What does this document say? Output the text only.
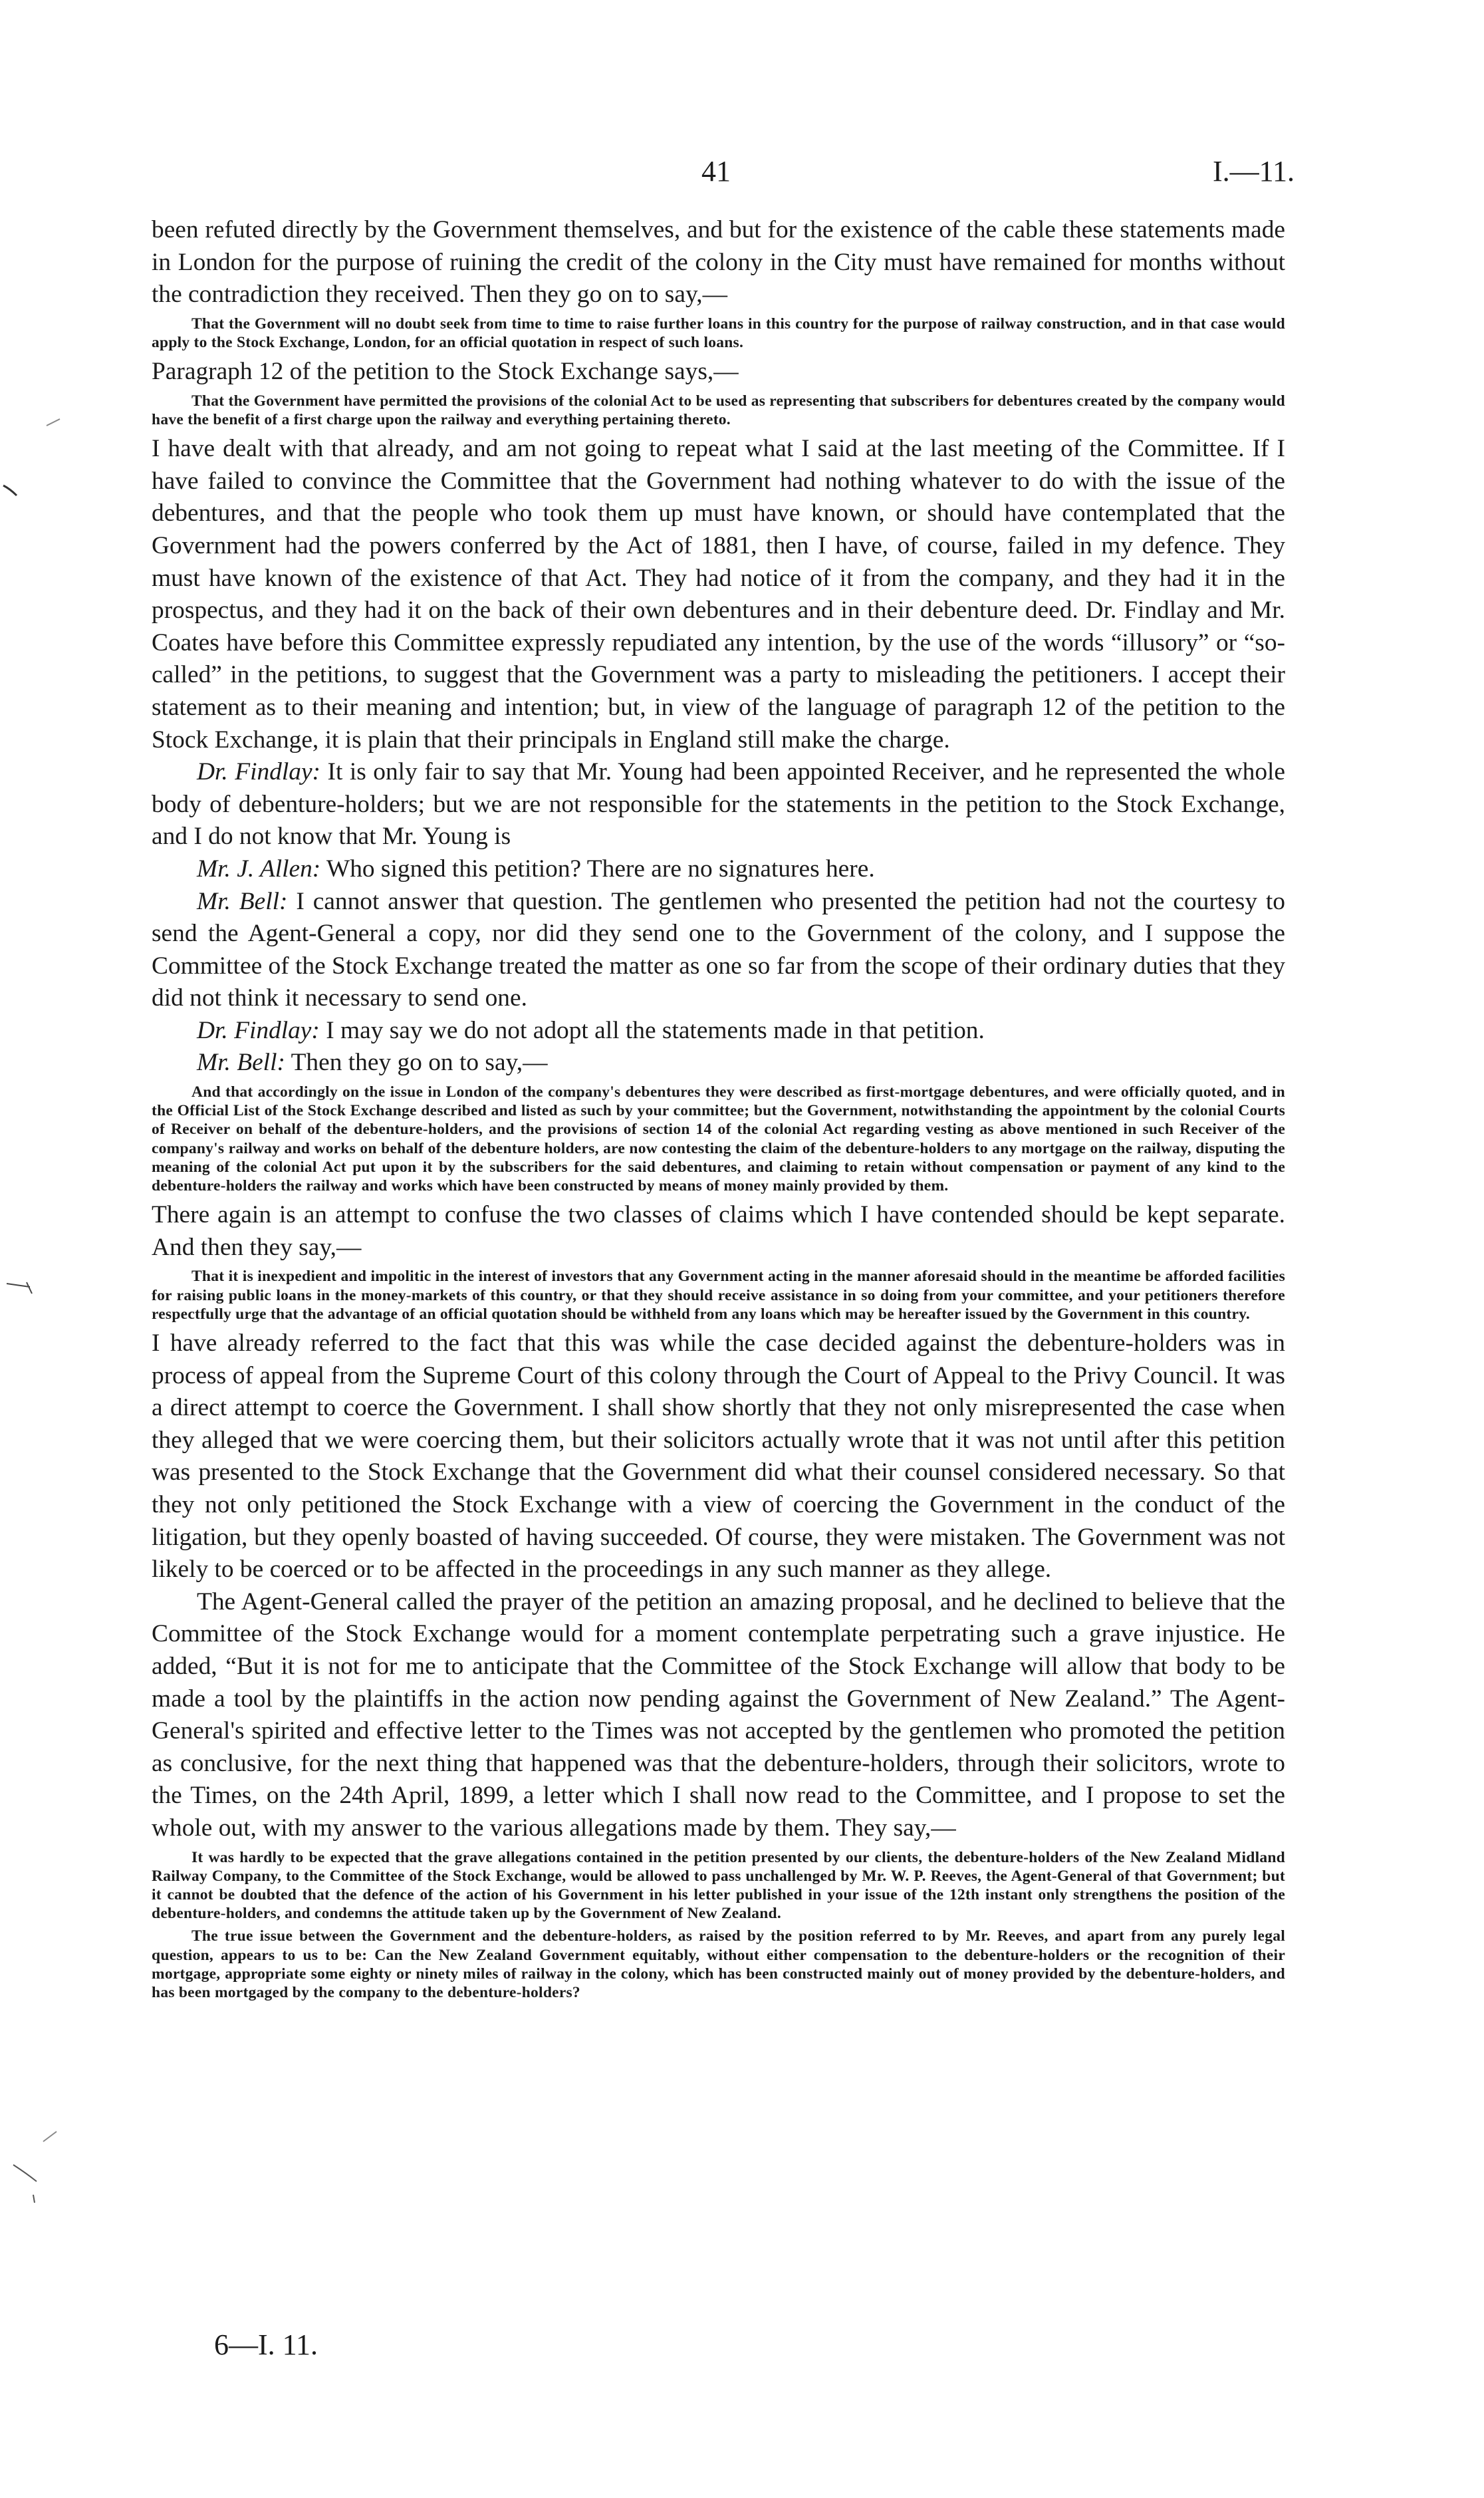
41	I.—11.

been refuted directly by the Government themselves, and but for the existence of the cable these statements made in London for the purpose of ruining the credit of the colony in the City must have remained for months without the contradiction they received. Then they go on to say,—

That the Government will no doubt seek from time to time to raise further loans in this country for the purpose of railway construction, and in that case would apply to the Stock Exchange, London, for an official quotation in respect of such loans.

Paragraph 12 of the petition to the Stock Exchange says,—

That the Government have permitted the provisions of the colonial Act to be used as representing that subscribers for debentures created by the company would have the benefit of a first charge upon the railway and everything pertaining thereto.

I have dealt with that already, and am not going to repeat what I said at the last meeting of the Committee. If I have failed to convince the Committee that the Government had nothing whatever to do with the issue of the debentures, and that the people who took them up must have known, or should have contemplated that the Government had the powers conferred by the Act of 1881, then I have, of course, failed in my defence. They must have known of the existence of that Act. They had notice of it from the company, and they had it in the prospectus, and they had it on the back of their own debentures and in their debenture deed. Dr. Findlay and Mr. Coates have before this Committee expressly repudiated any intention, by the use of the words “illusory” or “so-called” in the petitions, to suggest that the Government was a party to misleading the petitioners. I accept their statement as to their meaning and intention; but, in view of the language of paragraph 12 of the petition to the Stock Exchange, it is plain that their principals in England still make the charge.

Dr. Findlay: It is only fair to say that Mr. Young had been appointed Receiver, and he represented the whole body of debenture-holders; but we are not responsible for the statements in the petition to the Stock Exchange, and I do not know that Mr. Young is

Mr. J. Allen: Who signed this petition? There are no signatures here.

Mr. Bell: I cannot answer that question. The gentlemen who presented the petition had not the courtesy to send the Agent-General a copy, nor did they send one to the Government of the colony, and I suppose the Committee of the Stock Exchange treated the matter as one so far from the scope of their ordinary duties that they did not think it necessary to send one.

Dr. Findlay: I may say we do not adopt all the statements made in that petition.

Mr. Bell: Then they go on to say,—

And that accordingly on the issue in London of the company's debentures they were described as first-mortgage debentures, and were officially quoted, and in the Official List of the Stock Exchange described and listed as such by your committee; but the Government, notwithstanding the appointment by the colonial Courts of Receiver on behalf of the debenture-holders, and the provisions of section 14 of the colonial Act regarding vesting as above mentioned in such Receiver of the company's railway and works on behalf of the debenture holders, are now contesting the claim of the debenture-holders to any mortgage on the railway, disputing the meaning of the colonial Act put upon it by the subscribers for the said debentures, and claiming to retain without compensation or payment of any kind to the debenture-holders the railway and works which have been constructed by means of money mainly provided by them.

There again is an attempt to confuse the two classes of claims which I have contended should be kept separate. And then they say,—

That it is inexpedient and impolitic in the interest of investors that any Government acting in the manner aforesaid should in the meantime be afforded facilities for raising public loans in the money-markets of this country, or that they should receive assistance in so doing from your committee, and your petitioners therefore respectfully urge that the advantage of an official quotation should be withheld from any loans which may be hereafter issued by the Government in this country.

I have already referred to the fact that this was while the case decided against the debenture-holders was in process of appeal from the Supreme Court of this colony through the Court of Appeal to the Privy Council. It was a direct attempt to coerce the Government. I shall show shortly that they not only misrepresented the case when they alleged that we were coercing them, but their solicitors actually wrote that it was not until after this petition was presented to the Stock Exchange that the Government did what their counsel considered necessary. So that they not only petitioned the Stock Exchange with a view of coercing the Government in the conduct of the litigation, but they openly boasted of having succeeded. Of course, they were mistaken. The Government was not likely to be coerced or to be affected in the proceedings in any such manner as they allege.

The Agent-General called the prayer of the petition an amazing proposal, and he declined to believe that the Committee of the Stock Exchange would for a moment contemplate perpetrating such a grave injustice. He added, “But it is not for me to anticipate that the Committee of the Stock Exchange will allow that body to be made a tool by the plaintiffs in the action now pending against the Government of New Zealand.” The Agent-General's spirited and effective letter to the Times was not accepted by the gentlemen who promoted the petition as conclusive, for the next thing that happened was that the debenture-holders, through their solicitors, wrote to the Times, on the 24th April, 1899, a letter which I shall now read to the Committee, and I propose to set the whole out, with my answer to the various allegations made by them. They say,—

It was hardly to be expected that the grave allegations contained in the petition presented by our clients, the debenture-holders of the New Zealand Midland Railway Company, to the Committee of the Stock Exchange, would be allowed to pass unchallenged by Mr. W. P. Reeves, the Agent-General of that Government; but it cannot be doubted that the defence of the action of his Government in his letter published in your issue of the 12th instant only strengthens the position of the debenture-holders, and condemns the attitude taken up by the Government of New Zealand.

The true issue between the Government and the debenture-holders, as raised by the position referred to by Mr. Reeves, and apart from any purely legal question, appears to us to be: Can the New Zealand Government equitably, without either compensation to the debenture-holders or the recognition of their mortgage, appropriate some eighty or ninety miles of railway in the colony, which has been constructed mainly out of money provided by the debenture-holders, and has been mortgaged by the company to the debenture-holders?

6—I. 11.
